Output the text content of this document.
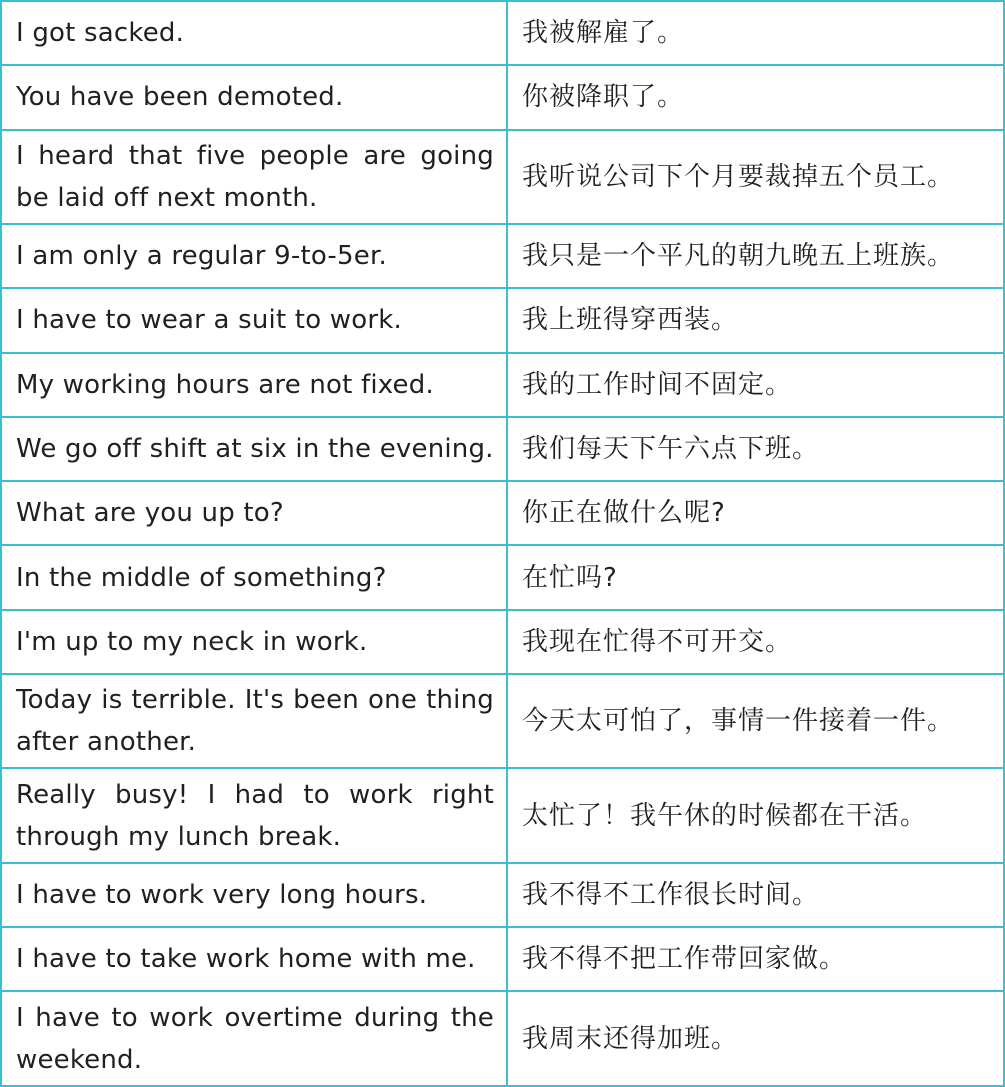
I got sacked.	我被解雇了。
You have been demoted.	你被降职了。
I heard that five people are going be laid off next month.	我听说公司下个月要裁掉五个员工。
I am only a regular 9-to-5er.	我只是一个平凡的朝九晚五上班族。
I have to wear a suit to work.	我上班得穿西装。
My working hours are not fixed.	我的工作时间不固定。
We go off shift at six in the evening.	我们每天下午六点下班。
What are you up to?	你正在做什么呢?
In the middle of something?	在忙吗?
I'm up to my neck in work.	我现在忙得不可开交。
Today is terrible. It's been one thing after another.	今天太可怕了，事情一件接着一件。
Really busy! I had to work right through my lunch break.	太忙了！我午休的时候都在干活。
I have to work very long hours.	我不得不工作很长时间。
I have to take work home with me.	我不得不把工作带回家做。
I have to work overtime during the weekend.	我周末还得加班。
